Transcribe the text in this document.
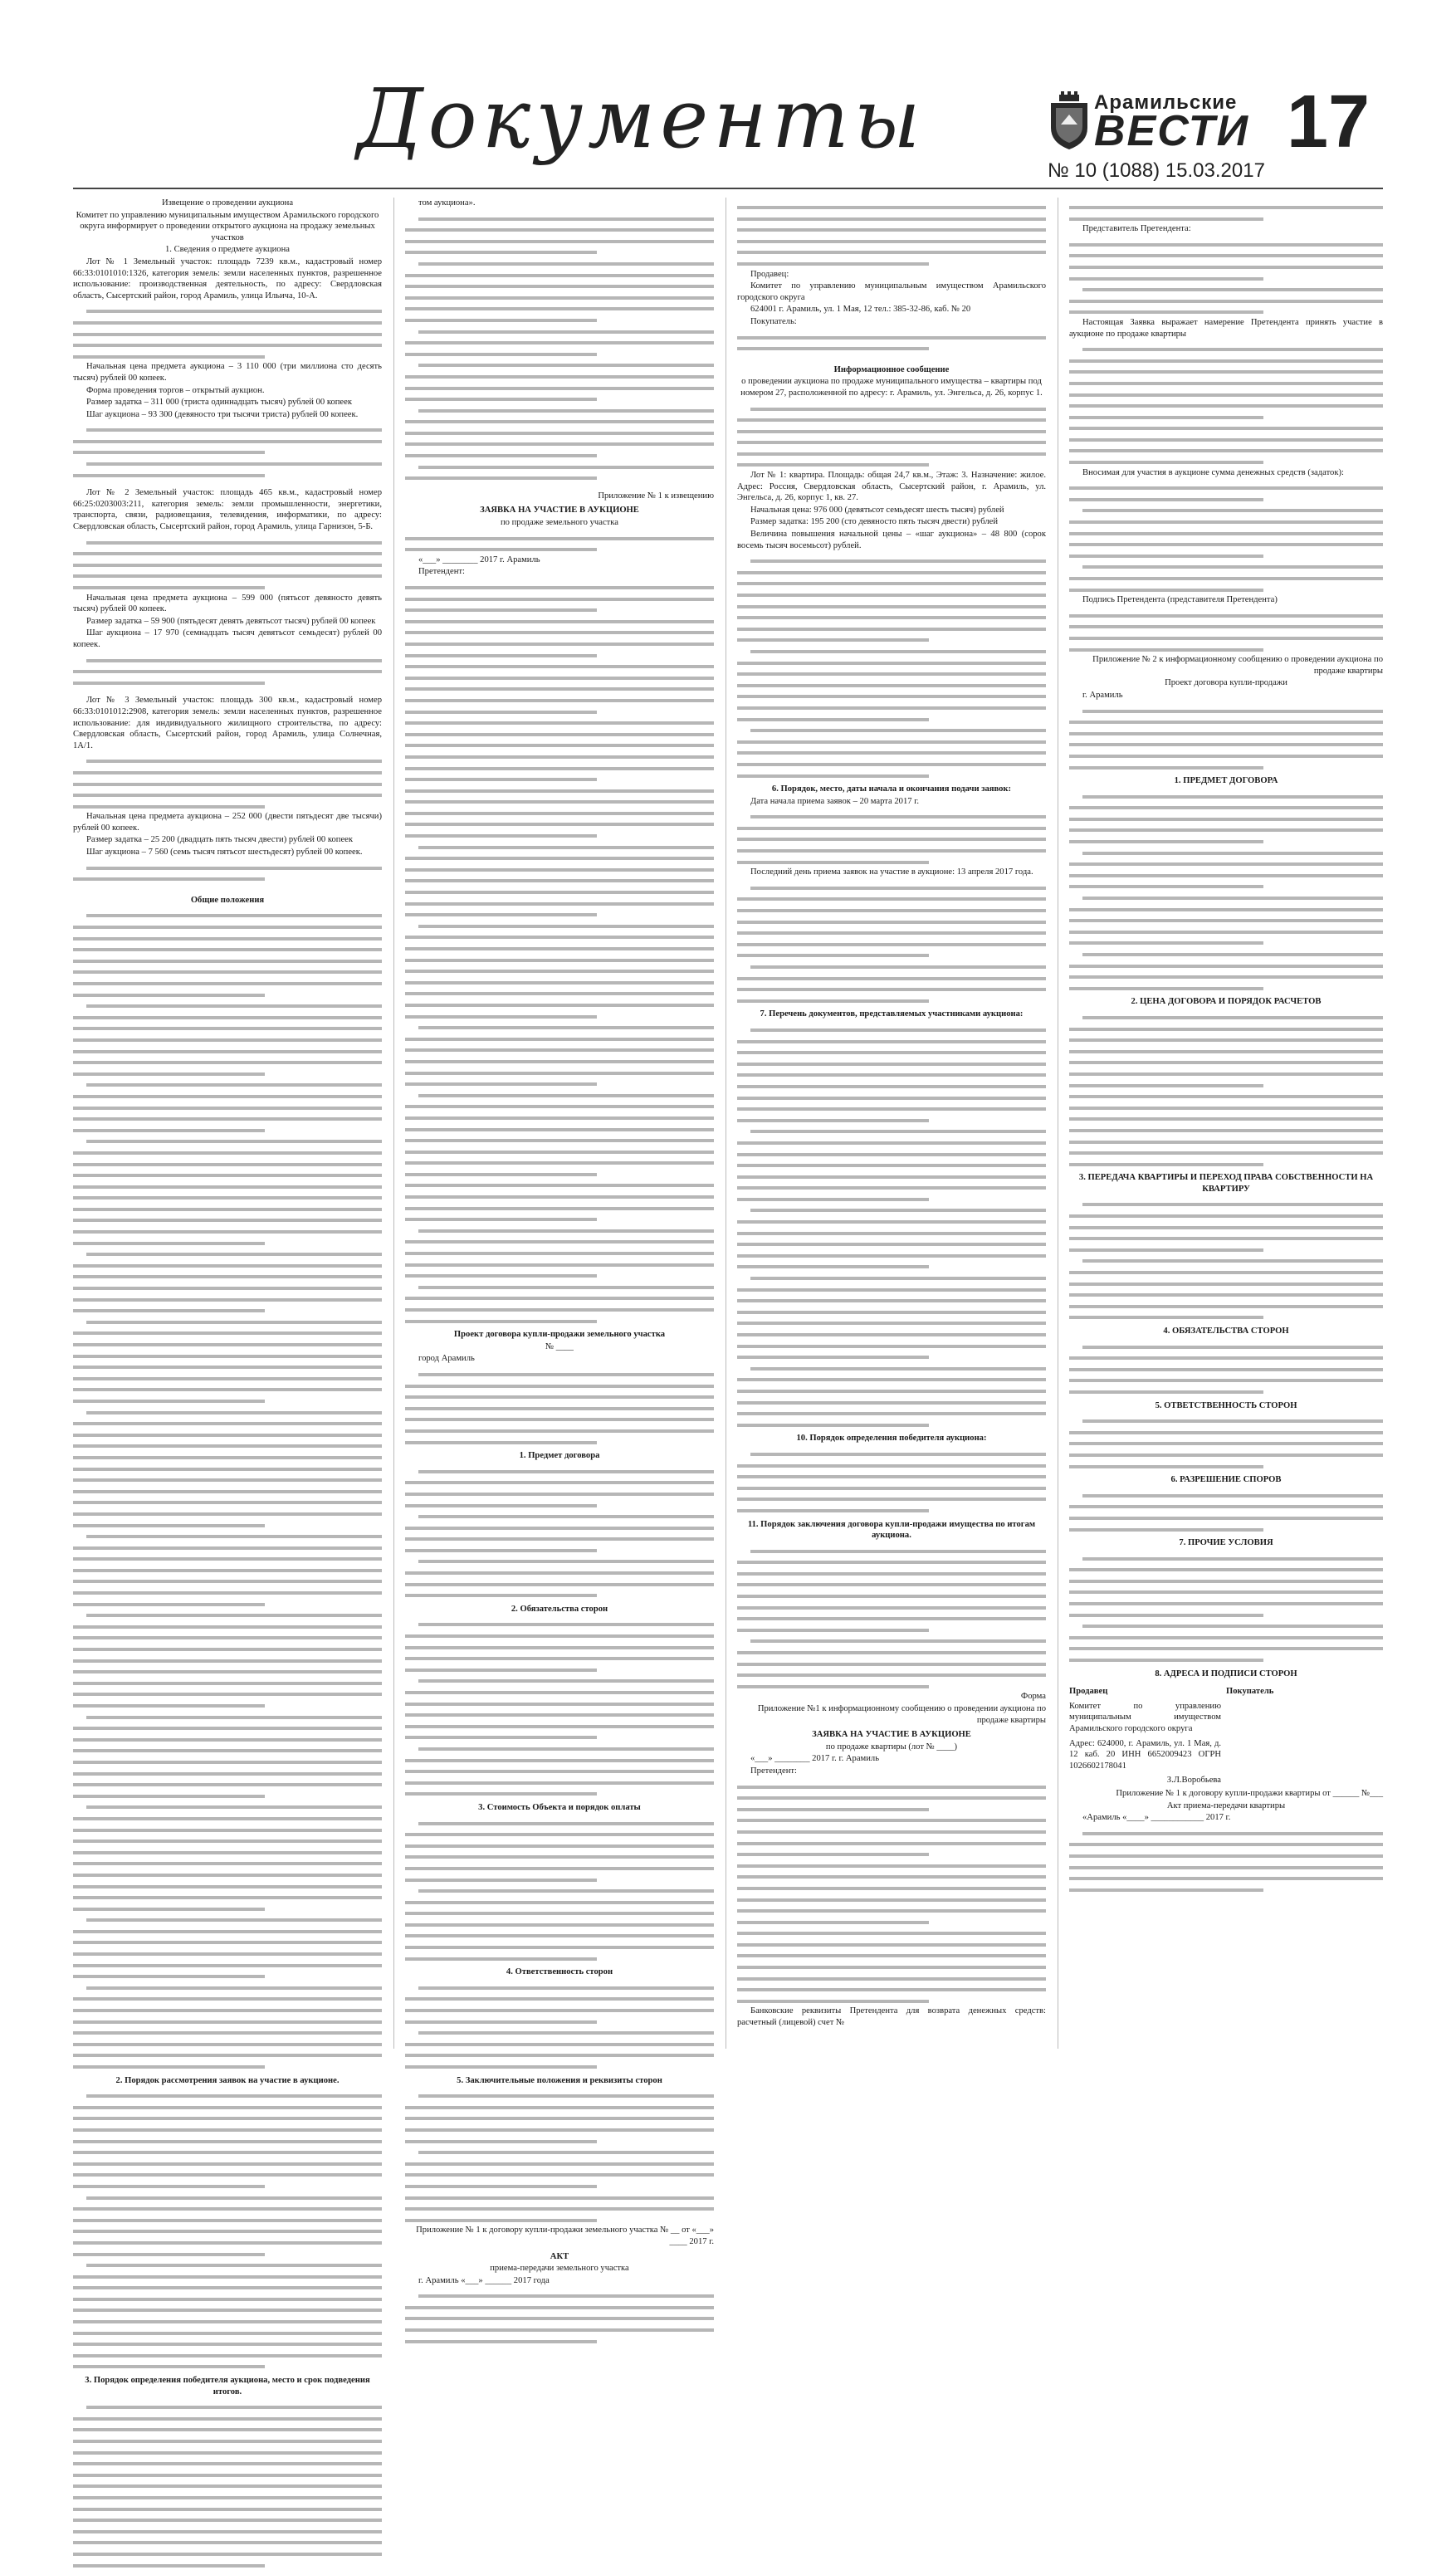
Документы	Арамильские
ВЕСТИ 17
№ 10 (1088) 15.03.2017

Извещение о проведении аукциона

Комитет по управлению муниципальным имуществом Арамильского городского округа информирует о проведении открытого аукциона на продажу земельных участков

1. Сведения о предмете аукциона

Лот № 1 Земельный участок: площадь 7239 кв.м., кадастровый номер 66:33:0101010:1326, категория земель: земли населенных пунктов, разрешенное использование: производственная деятельность, по адресу: Свердловская область, Сысертский район, город Арамиль, улица Ильича, 10-А.

Начальная цена предмета аукциона – 3 110 000 (три миллиона сто десять тысяч) рублей 00 копеек.

Форма проведения торгов – открытый аукцион.

Размер задатка – 311 000 (триста одиннадцать тысяч) рублей 00 копеек

Шаг аукциона – 93 300 (девяносто три тысячи триста) рублей 00 копеек.

Лот № 2 Земельный участок: площадь 465 кв.м., кадастровый номер 66:25:0203003:211, категория земель: земли промышленности, энергетики, транспорта, связи, радиовещания, телевидения, информатики, по адресу: Свердловская область, Сысертский район, город Арамиль, улица Гарнизон, 5-Б.

Начальная цена предмета аукциона – 599 000 (пятьсот девяносто девять тысяч) рублей 00 копеек.

Размер задатка – 59 900 (пятьдесят девять девятьсот тысяч) рублей 00 копеек

Шаг аукциона – 17 970 (семнадцать тысяч девятьсот семьдесят) рублей 00 копеек.

Лот № 3 Земельный участок: площадь 300 кв.м., кадастровый номер 66:33:0101012:2908, категория земель: земли населенных пунктов, разрешенное использование: для индивидуального жилищного строительства, по адресу: Свердловская область, Сысертский район, город Арамиль, улица Солнечная, 1А/1.

Начальная цена предмета аукциона – 252 000 (двести пятьдесят две тысячи) рублей 00 копеек.

Размер задатка – 25 200 (двадцать пять тысяч двести) рублей 00 копеек

Шаг аукциона – 7 560 (семь тысяч пятьсот шестьдесят) рублей 00 копеек.

Общие положения

2. Порядок рассмотрения заявок на участие в аукционе.

3. Порядок определения победителя аукциона, место и срок подведения итогов.

том аукциона».

Приложение № 1 к извещению

ЗАЯВКА НА УЧАСТИЕ В АУКЦИОНЕ

по продаже земельного участка

«___» ________ 2017 г. Арамиль

Претендент:

Проект договора купли-продажи земельного участка

№ ____

город Арамиль

1. Предмет договора

2. Обязательства сторон

3. Стоимость Объекта и порядок оплаты

4. Ответственность сторон

5. Заключительные положения и реквизиты сторон

Приложение № 1 к договору купли-продажи земельного участка № __ от «___» ____ 2017 г.

АКТ

приема-передачи земельного участка

г. Арамиль «___» ______ 2017 года

Продавец:

Комитет по управлению муниципальным имуществом Арамильского городского округа

624001 г. Арамиль, ул. 1 Мая, 12 тел.: 385-32-86, каб. № 20

Покупатель:

Информационное сообщение

о проведении аукциона по продаже муниципального имущества – квартиры под номером 27, расположенной по адресу: г. Арамиль, ул. Энгельса, д. 26, корпус 1.

Лот № 1: квартира. Площадь: общая 24,7 кв.м., Этаж: 3. Назначение: жилое. Адрес: Россия, Свердловская область, Сысертский район, г. Арамиль, ул. Энгельса, д. 26, корпус 1, кв. 27.

Начальная цена: 976 000 (девятьсот семьдесят шесть тысяч) рублей

Размер задатка: 195 200 (сто девяносто пять тысяч двести) рублей

Величина повышения начальной цены – «шаг аукциона» – 48 800 (сорок восемь тысяч восемьсот) рублей.

6. Порядок, место, даты начала и окончания подачи заявок:

Дата начала приема заявок – 20 марта 2017 г.

Последний день приема заявок на участие в аукционе: 13 апреля 2017 года.

7. Перечень документов, представляемых участниками аукциона:

10. Порядок определения победителя аукциона:

11. Порядок заключения договора купли-продажи имущества по итогам аукциона.

Форма

Приложение №1 к информационному сообщению о проведении аукциона по продаже квартиры

ЗАЯВКА НА УЧАСТИЕ В АУКЦИОНЕ

по продаже квартиры (лот № ____)

«___» ________ 2017 г. г. Арамиль

Претендент:

Банковские реквизиты Претендента для возврата денежных средств: расчетный (лицевой) счет №

Представитель Претендента:

Настоящая Заявка выражает намерение Претендента принять участие в аукционе по продаже квартиры

Вносимая для участия в аукционе сумма денежных средств (задаток):

Подпись Претендента (представителя Претендента)

Приложение № 2 к информационному сообщению о проведении аукциона по продаже квартиры

Проект договора купли-продажи

г. Арамиль

1. ПРЕДМЕТ ДОГОВОРА

2. ЦЕНА ДОГОВОРА И ПОРЯДОК РАСЧЕТОВ

3. ПЕРЕДАЧА КВАРТИРЫ И ПЕРЕХОД ПРАВА СОБСТВЕННОСТИ НА КВАРТИРУ

4. ОБЯЗАТЕЛЬСТВА СТОРОН

5. ОТВЕТСТВЕННОСТЬ СТОРОН

6. РАЗРЕШЕНИЕ СПОРОВ

7. ПРОЧИЕ УСЛОВИЯ

8. АДРЕСА И ПОДПИСИ СТОРОН

Продавец	Покупатель
Комитет по управлению муниципальным имуществом Арамильского городского округа	
Адрес: 624000, г. Арамиль, ул. 1 Мая, д. 12 каб. 20 ИНН 6652009423 ОГРН 1026602178041	
З.Л.Воробьева	

Приложение № 1 к договору купли-продажи квартиры от ______ №___

Акт приема-передачи квартиры

«Арамиль «____» ____________ 2017 г.
